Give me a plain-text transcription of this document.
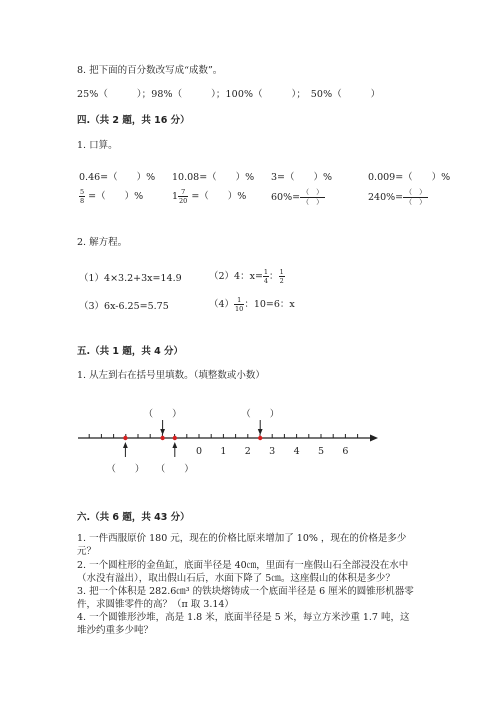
8. 把下面的百分数改写成“成数”。
25%（　　　）；98%（　　　）；100%（　　　）；　50%（　　　）
四.（共 2 题，共 16 分）
1. 口算。
0.46=（　　）% 10.08=（　　）% 3=（　　）%	0.009=（　　）%
$\frac{5}{8}$ =（　　）%	$1 \frac{7}{20}$ =（　　）%	$60\%= \frac{( )}{( )}$	$240\%= \frac{( )}{( )}$
2. 解方程。
（1）4×3.2+3x=14.9	（2）4：$x= \frac{1}{4}$ ： $\frac{1}{2}$
（3）6x-6.25=5.75	$(4) \frac{1}{10}$ ：10=6：x
五.（共 1 题，共 4 分）
1. 从左到右在括号里填数。（填整数或小数）
0 1 2 3 4 5 6
（　　）	（　　）
（　　） （　　）
六.（共 6 题，共 43 分）
1. 一件西服原价 180 元，现在的价格比原来增加了 10% ，现在的价格是多少
元？
2. 一个圆柱形的金鱼缸，底面半径是 40㎝，里面有一座假山石全部浸没在水中
（水没有溢出），取出假山石后，水面下降了 5㎝。这座假山的体积是多少？
3. 把一个体积是 282.6㎝³ 的铁块熔铸成一个底面半径是 6 厘米的圆锥形机器零
件，求圆锥零件的高？（π 取 3.14）
4. 一个圆锥形沙堆，高是 1.8 米，底面半径是 5 米，每立方米沙重 1.7 吨，这
堆沙约重多少吨？
